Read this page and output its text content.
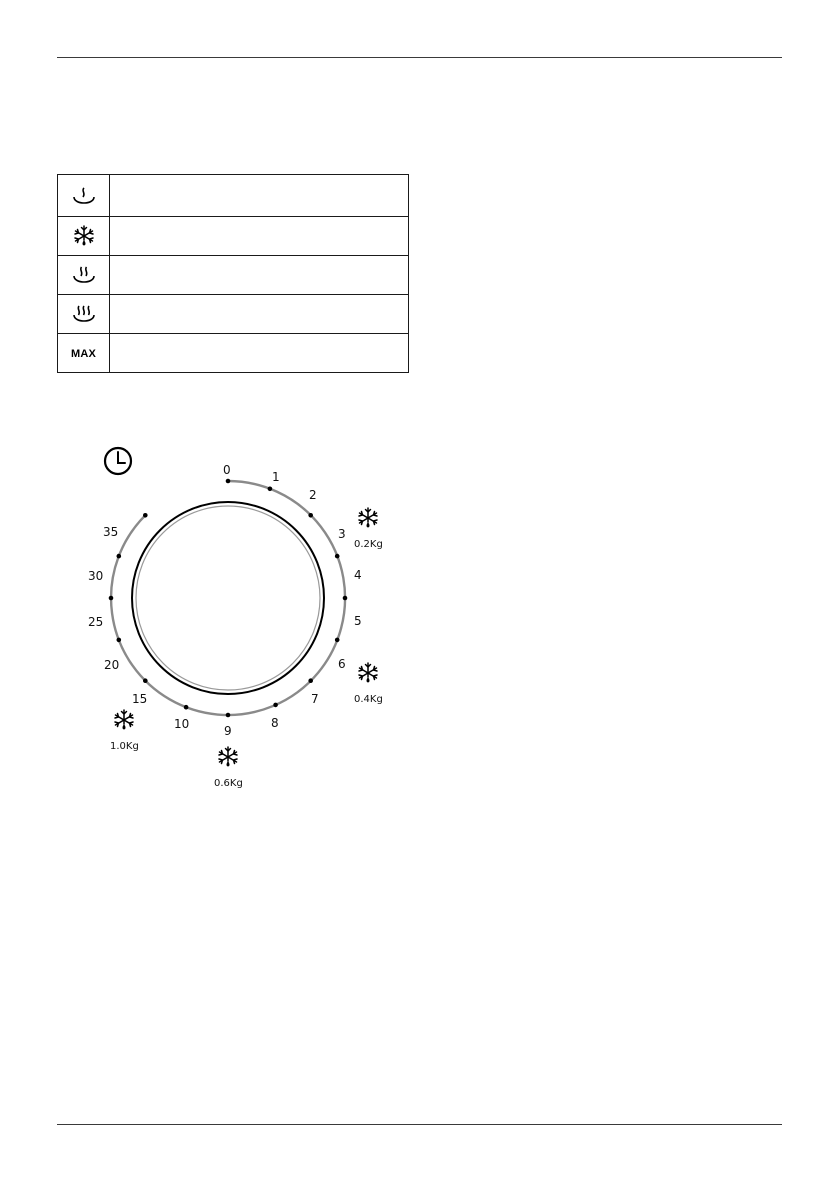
MAX	
0	1
2
3
4
5
6
7
8
9
10
15
20
25
30
35
0.2Kg
0.4Kg
0.6Kg
1.0Kg
